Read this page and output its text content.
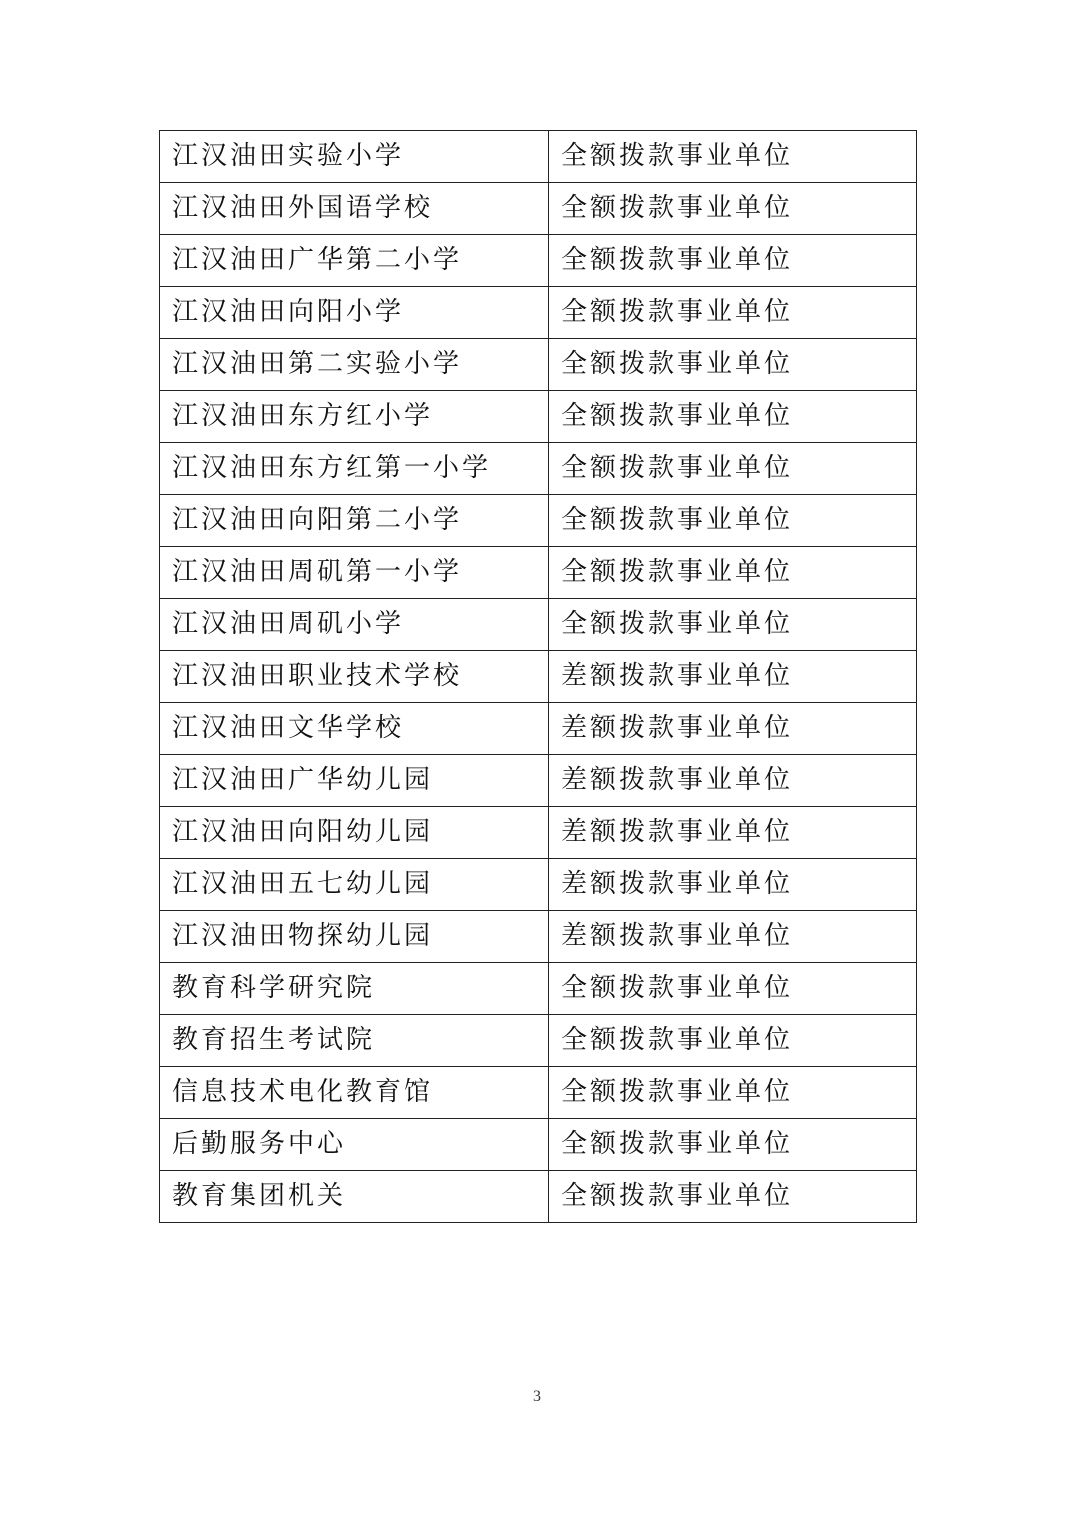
江汉油田实验小学	全额拨款事业单位
江汉油田外国语学校	全额拨款事业单位
江汉油田广华第二小学	全额拨款事业单位
江汉油田向阳小学	全额拨款事业单位
江汉油田第二实验小学	全额拨款事业单位
江汉油田东方红小学	全额拨款事业单位
江汉油田东方红第一小学	全额拨款事业单位
江汉油田向阳第二小学	全额拨款事业单位
江汉油田周矶第一小学	全额拨款事业单位
江汉油田周矶小学	全额拨款事业单位
江汉油田职业技术学校	差额拨款事业单位
江汉油田文华学校	差额拨款事业单位
江汉油田广华幼儿园	差额拨款事业单位
江汉油田向阳幼儿园	差额拨款事业单位
江汉油田五七幼儿园	差额拨款事业单位
江汉油田物探幼儿园	差额拨款事业单位
教育科学研究院	全额拨款事业单位
教育招生考试院	全额拨款事业单位
信息技术电化教育馆	全额拨款事业单位
后勤服务中心	全额拨款事业单位
教育集团机关	全额拨款事业单位
3
